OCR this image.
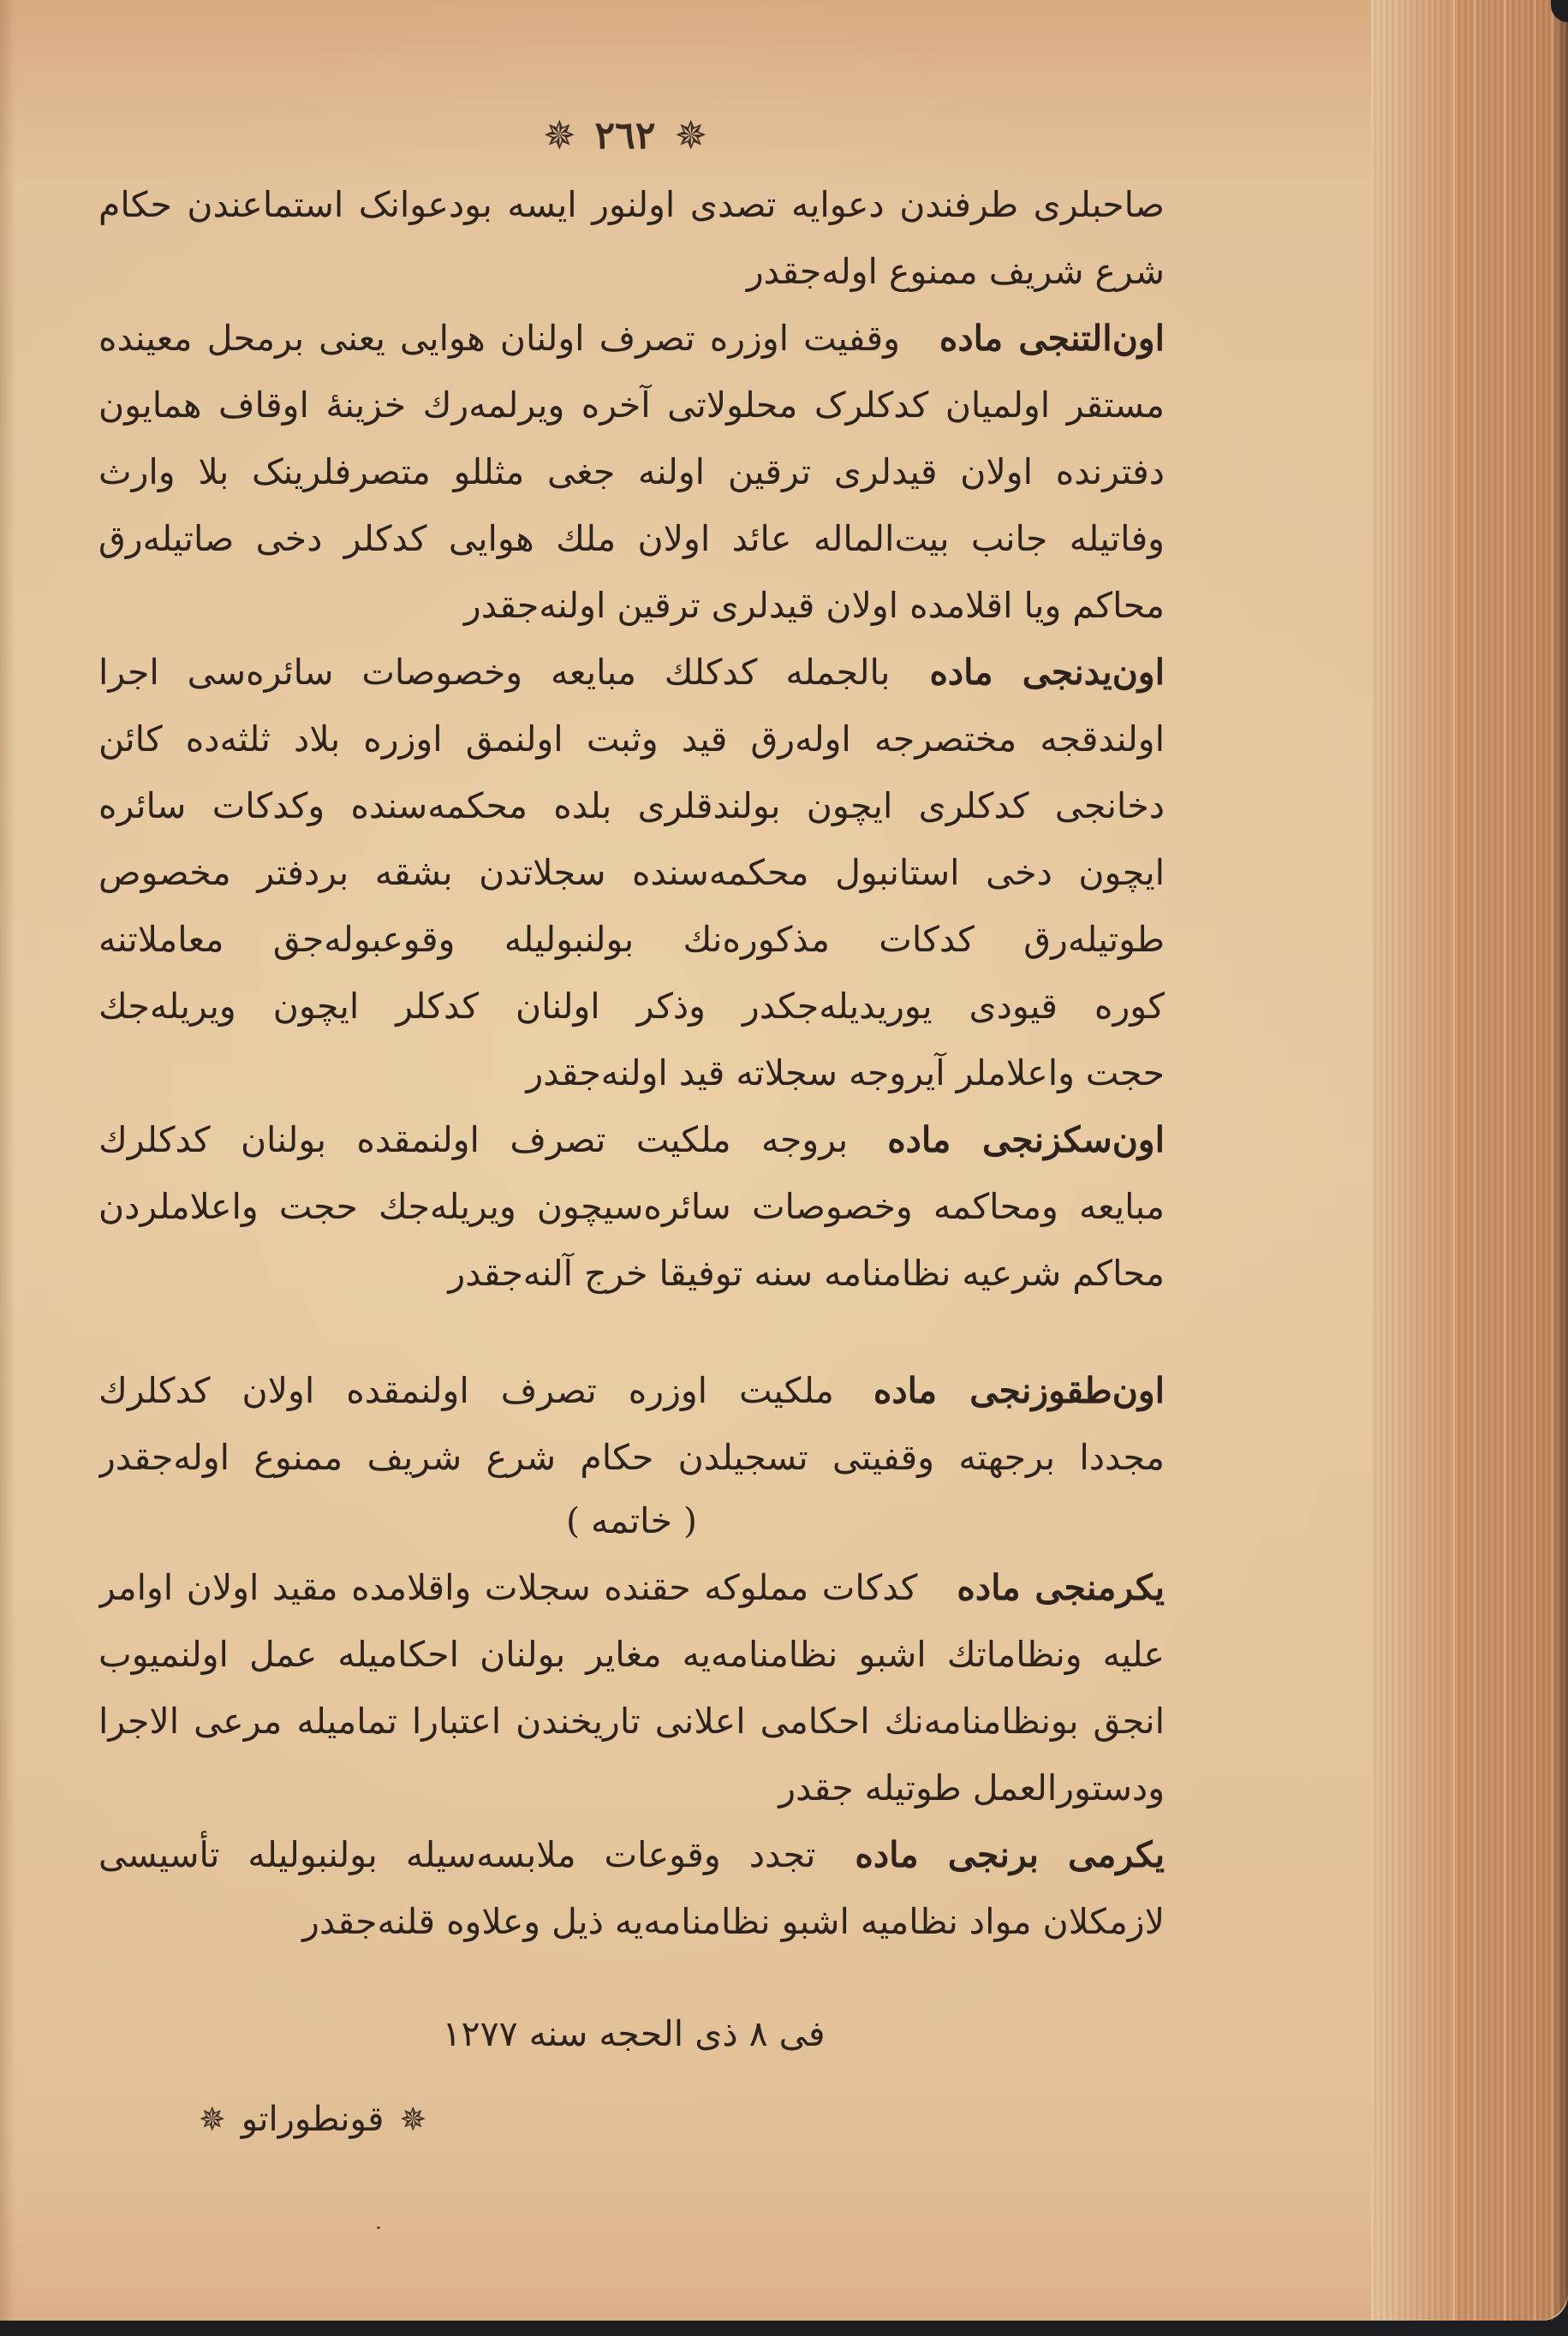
✵ ٢٦٢ ✵
صاحبلری طرفندن دعوایه تصدی اولنور ایسه بودعوانک استماعندن حکام
شرع شریف ممنوع اوله‌جقدر
اون‌التنجی مادهوقفیت اوزره تصرف اولنان هوایی یعنی برمحل معینده
مستقر اولمیان کدکلرک محلولاتی آخره ویرلمه‌رك خزینهٔ اوقاف همایون
دفترنده اولان قیدلری ترقین اولنه جغی مثللو متصرفلرینک بلا وارث
وفاتیله جانب بیت‌الماله عائد اولان ملك هوایی کدکلر دخی صاتیله‌رق
محاکم ویا اقلامده اولان قیدلری ترقین اولنه‌جقدر
اون‌یدنجی مادهبالجمله کدکلك مبایعه وخصوصات سائره‌سی اجرا
اولندقجه مختصرجه اوله‌رق قید وثبت اولنمق اوزره بلاد ثلثه‌ده کائن
دخانجی کدکلری ایچون بولندقلری بلده محکمه‌سنده وکدکات سائره
ایچون دخی استانبول محکمه‌سنده سجلاتدن بشقه بردفتر مخصوص
طوتیله‌رق کدکات مذکوره‌نك بولنبولیله وقوعبوله‌جق معاملاتنه
کوره قیودی یوریدیله‌جکدر وذکر اولنان کدکلر ایچون ویریله‌جك
حجت واعلاملر آیروجه سجلاته قید اولنه‌جقدر
اون‌سکزنجی مادهبروجه ملکیت تصرف اولنمقده بولنان کدکلرك
مبایعه ومحاکمه وخصوصات سائره‌سیچون ویریله‌جك حجت واعلاملردن
محاکم شرعیه نظامنامه سنه توفیقا خرج آلنه‌جقدر
اون‌طقوزنجی مادهملکیت اوزره تصرف اولنمقده اولان کدکلرك
مجددا برجهته وقفیتی تسجیلدن حکام شرع شریف ممنوع اوله‌جقدر
( خاتمه )
یکرمنجی مادهکدکات مملوکه حقنده سجلات واقلامده مقید اولان اوامر
علیه ونظاماتك اشبو نظامنامه‌یه مغایر بولنان احکامیله عمل اولنمیوب
انجق بونظامنامه‌نك احکامی اعلانی تاریخندن اعتبارا تمامیله مرعی الاجرا
ودستورالعمل طوتیله جقدر
یکرمی برنجی مادهتجدد وقوعات ملابسه‌سیله بولنبولیله تأسیسی
لازمکلان مواد نظامیه اشبو نظامنامه‌یه ذیل وعلاوه قلنه‌جقدر
فی ٨ ذی الحجه سنه ١٢٧٧
✵
قونطوراتو
✵
